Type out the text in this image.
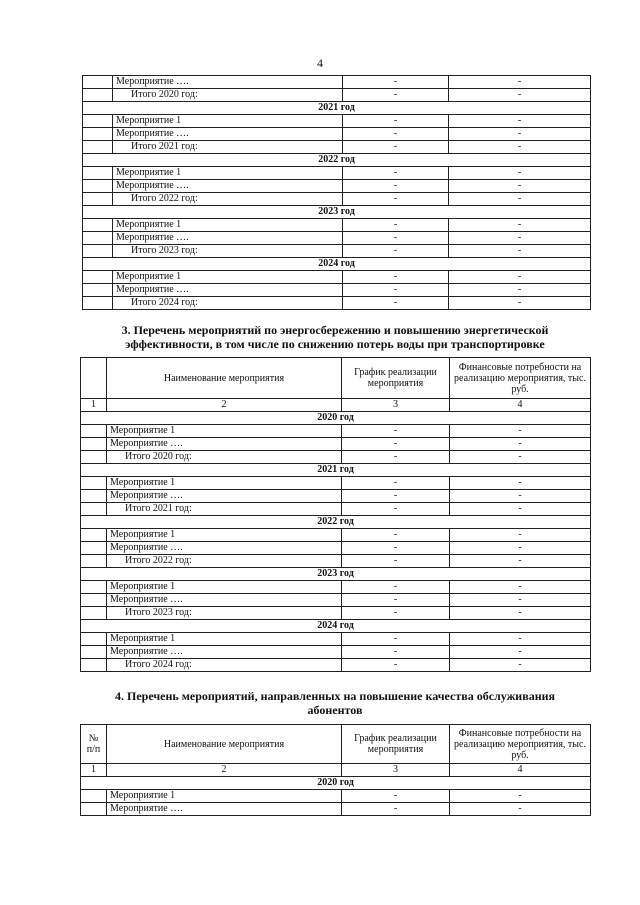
4
	Мероприятие ….	-	-
	Итого 2020 год:	-	-
2021 год			
	Мероприятие 1	-	-
	Мероприятие ….	-	-
	Итого 2021 год:	-	-
2022 год			
	Мероприятие 1	-	-
	Мероприятие ….	-	-
	Итого 2022 год:	-	-
2023 год			
	Мероприятие 1	-	-
	Мероприятие ….	-	-
	Итого 2023 год:	-	-
2024 год			
	Мероприятие 1	-	-
	Мероприятие ….	-	-
	Итого 2024 год:	-	-
3. Перечень мероприятий по энергосбережению и повышению энергетической
эффективности, в том числе по снижению потерь воды при транспортировке
	Наименование мероприятия	График реализации мероприятия	Финансовые потребности на реализацию мероприятия, тыс. руб.
1	2	3	4
2020 год			
	Мероприятие 1	-	-
	Мероприятие ….	-	-
	Итого 2020 год:	-	-
2021 год			
	Мероприятие 1	-	-
	Мероприятие ….	-	-
	Итого 2021 год:	-	-
2022 год			
	Мероприятие 1	-	-
	Мероприятие ….	-	-
	Итого 2022 год:	-	-
2023 год			
	Мероприятие 1	-	-
	Мероприятие ….	-	-
	Итого 2023 год:	-	-
2024 год			
	Мероприятие 1	-	-
	Мероприятие ….	-	-
	Итого 2024 год:	-	-
4. Перечень мероприятий, направленных на повышение качества обслуживания
абонентов
№ п/п	Наименование мероприятия	График реализации мероприятия	Финансовые потребности на реализацию мероприятия, тыс. руб.
1	2	3	4
2020 год			
	Мероприятие 1	-	-
	Мероприятие ….	-	-
